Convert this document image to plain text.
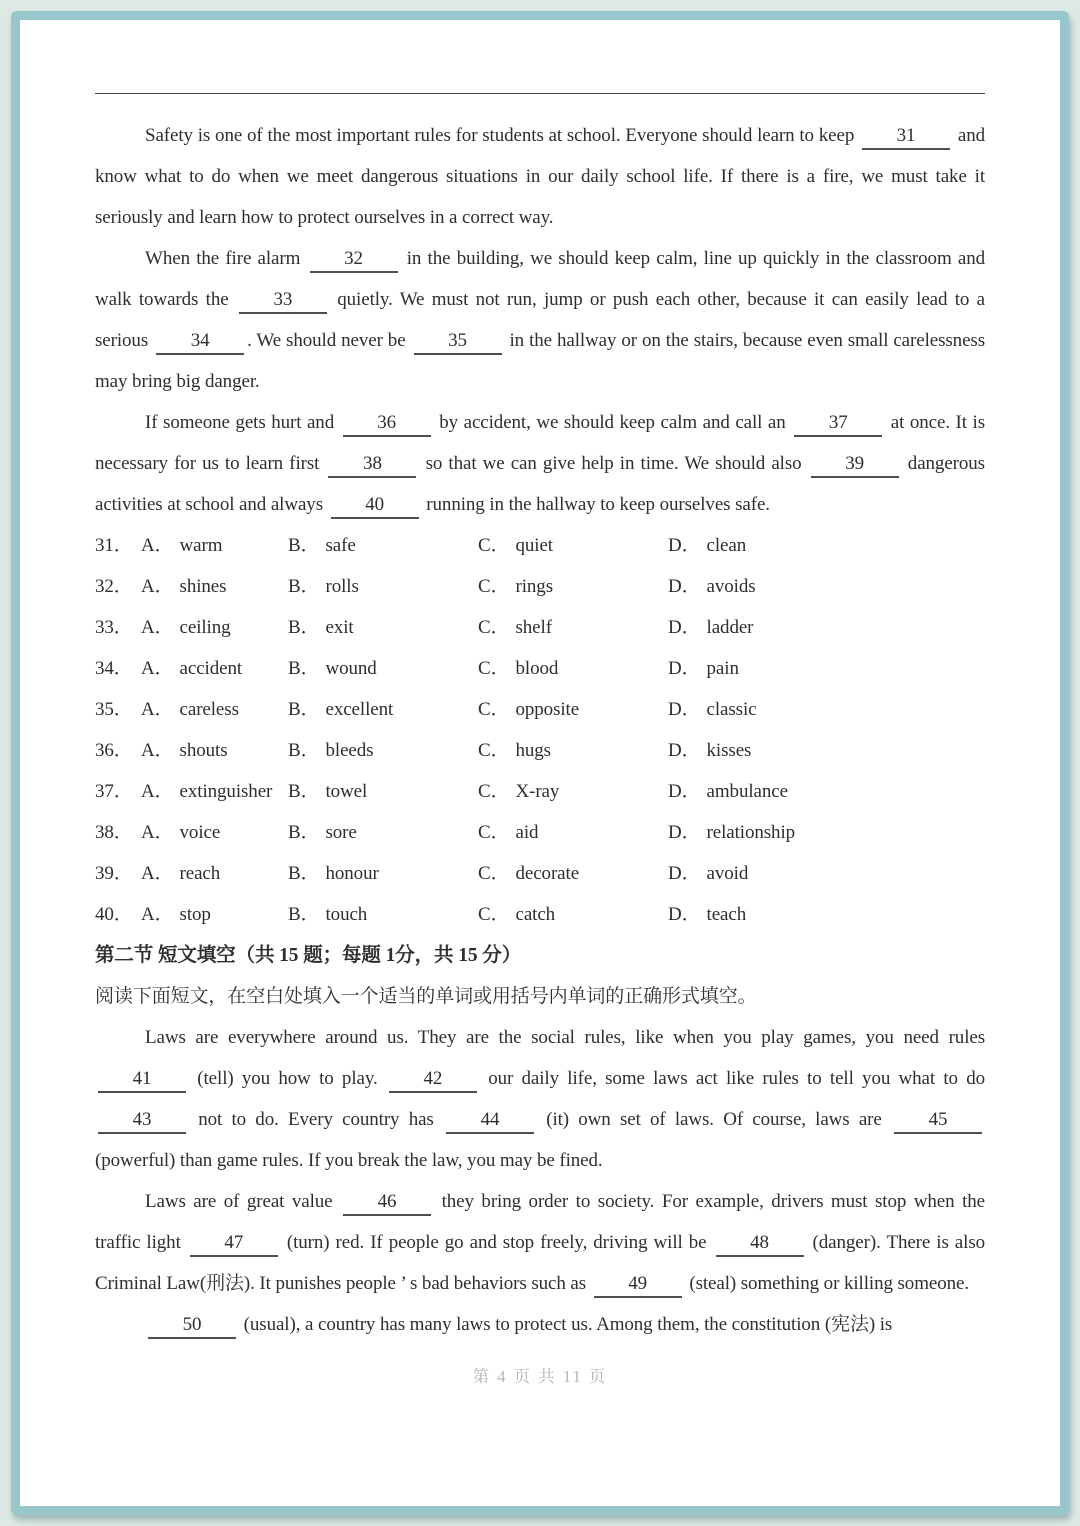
Safety is one of the most important rules for students at school. Everyone should learn to keep 31 and know what to do when we meet dangerous situations in our daily school life. If there is a fire, we must take it seriously and learn how to protect ourselves in a correct way.

When the fire alarm 32 in the building, we should keep calm, line up quickly in the classroom and walk towards the 33 quietly. We must not run, jump or push each other, because it can easily lead to a serious 34 . We should never be 35 in the hallway or on the stairs, because even small carelessness may bring big danger.

If someone gets hurt and 36 by accident, we should keep calm and call an 37 at once. It is necessary for us to learn first 38 so that we can give help in time. We should also 39 dangerous activities at school and always 40 running in the hallway to keep ourselves safe.

31． A． warm	B． safe	C． quiet	D． clean
32． A． shines	B． rolls	C． rings	D． avoids
33． A． ceiling	B． exit	C． shelf	D． ladder
34． A． accident	B． wound	C． blood	D． pain
35． A． careless	B． excellent	C． opposite	D． classic
36． A． shouts	B． bleeds	C． hugs	D． kisses
37． A． extinguisher B． towel	C． X-ray	D． ambulance
38． A． voice	B． sore	C． aid	D． relationship
39． A． reach	B． honour	C． decorate	D． avoid
40． A． stop	B． touch	C． catch	D． teach
第二节 短文填空（共 15 题；每题 1分，共 15 分）

阅读下面短文，在空白处填入一个适当的单词或用括号内单词的正确形式填空。

Laws are everywhere around us. They are the social rules, like when you play games, you need rules 41 (tell) you how to play. 42 our daily life, some laws act like rules to tell you what to do 43 not to do. Every country has 44 (it) own set of laws. Of course, laws are 45 (powerful) than game rules. If you break the law, you may be fined.

Laws are of great value 46 they bring order to society. For example, drivers must stop when the traffic light 47 (turn) red. If people go and stop freely, driving will be 48 (danger). There is also Criminal Law(刑法). It punishes people ’ s bad behaviors such as 49 (steal) something or killing someone.

50 (usual), a country has many laws to protect us. Among them, the constitution (宪法) is

第 4 页 共 11 页
